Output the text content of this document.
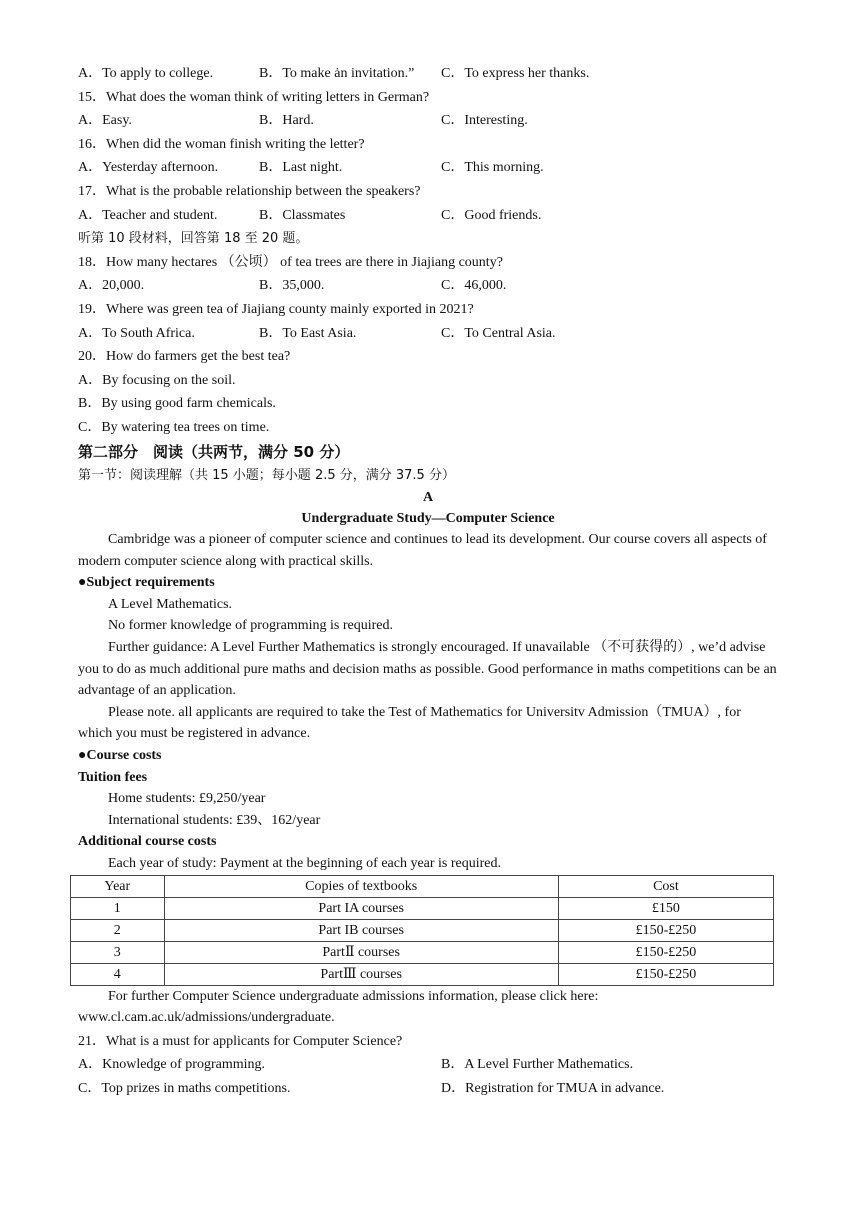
A．To apply to college.	B．To make ȧn invitation.” C．To express her thanks.
15．What does the woman think of writing letters in German?
A．Easy.	B．Hard.	C．Interesting.
16．When did the woman finish writing the letter?
A．Yesterday afternoon.	B．Last night.	C．This morning.
17．What is the probable relationship between the speakers?
A．Teacher and student.	B．Classmates	C．Good friends.
听第 10 段材料，回答第 18 至 20 题。
18．How many hectares （公顷） of tea trees are there in Jiajiang county?
A．20,000.	B．35,000.	C．46,000.
19．Where was green tea of Jiajiang county mainly exported in 2021?
A．To South Africa.	B．To East Asia.	C．To Central Asia.
20．How do farmers get the best tea?
A．By focusing on the soil.
B．By using good farm chemicals.
C．By watering tea trees on time.
第二部分　阅读（共两节，满分 50 分）
第一节：阅读理解（共 15 小题；每小题 2.5 分，满分 37.5 分）
A
Undergraduate Study—Computer Science

Cambridge was a pioneer of computer science and continues to lead its development. Our course covers all aspects of modern computer science along with practical skills.

●Subject requirements
A Level Mathematics.
No former knowledge of programming is required.

Further guidance: A Level Further Mathematics is strongly encouraged. If unavailable （不可获得的）, we’d advise you to do as much additional pure maths and decision maths as possible. Good performance in maths competitions can be an advantage of an application.

Please note. all applicants are required to take the Test of Mathematics for Universitv Admission（TMUA）, for which you must be registered in advance.

●Course costs
Tuition fees
Home students: £9,250/year
International students: £39、162/year
Additional course costs
Each year of study: Payment at the beginning of each year is required.
Year	Copies of textbooks	Cost
1	Part IA courses	£150
2	Part IB courses	£150-£250
3	PartⅡ courses	£150-£250
4	PartⅢ courses	£150-£250

For further Computer Science undergraduate admissions information, please click here: www.cl.cam.ac.uk/admissions/undergraduate.

21．What is a must for applicants for Computer Science?
A．Knowledge of programming.	B．A Level Further Mathematics.
C．Top prizes in maths competitions.	D．Registration for TMUA in advance.
